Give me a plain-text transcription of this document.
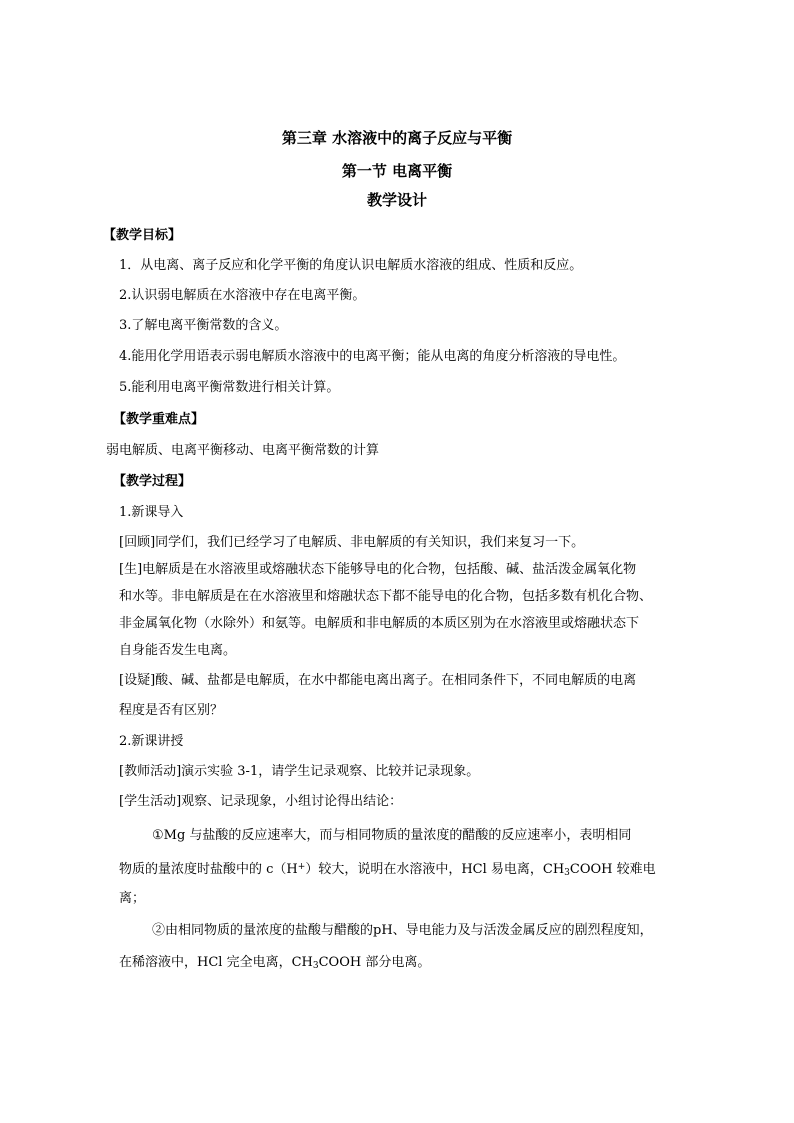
第三章 水溶液中的离子反应与平衡
第一节 电离平衡
教学设计
【教学目标】
1．从电离、离子反应和化学平衡的角度认识电解质水溶液的组成、性质和反应。
2.认识弱电解质在水溶液中存在电离平衡。
3.了解电离平衡常数的含义。
4.能用化学用语表示弱电解质水溶液中的电离平衡；能从电离的角度分析溶液的导电性。
5.能利用电离平衡常数进行相关计算。
【教学重难点】
弱电解质、电离平衡移动、电离平衡常数的计算
【教学过程】
1.新课导入
[回顾]同学们，我们已经学习了电解质、非电解质的有关知识，我们来复习一下。
[生]电解质是在水溶液里或熔融状态下能够导电的化合物，包括酸、碱、盐活泼金属氧化物
和水等。非电解质是在在水溶液里和熔融状态下都不能导电的化合物，包括多数有机化合物、
非金属氧化物（水除外）和氨等。电解质和非电解质的本质区别为在水溶液里或熔融状态下
自身能否发生电离。
[设疑]酸、碱、盐都是电解质，在水中都能电离出离子。在相同条件下，不同电解质的电离
程度是否有区别？
2.新课讲授
[教师活动]演示实验 3-1，请学生记录观察、比较并记录现象。
[学生活动]观察、记录现象，小组讨论得出结论：
①Mg 与盐酸的反应速率大，而与相同物质的量浓度的醋酸的反应速率小，表明相同
物质的量浓度时盐酸中的 c（H+）较大，说明在水溶液中，HCl 易电离，$CH_3COOH$ 较难电
离；
②由相同物质的量浓度的盐酸与醋酸的pH、导电能力及与活泼金属反应的剧烈程度知，
在稀溶液中，HCl 完全电离，$CH_3COOH$ 部分电离。
